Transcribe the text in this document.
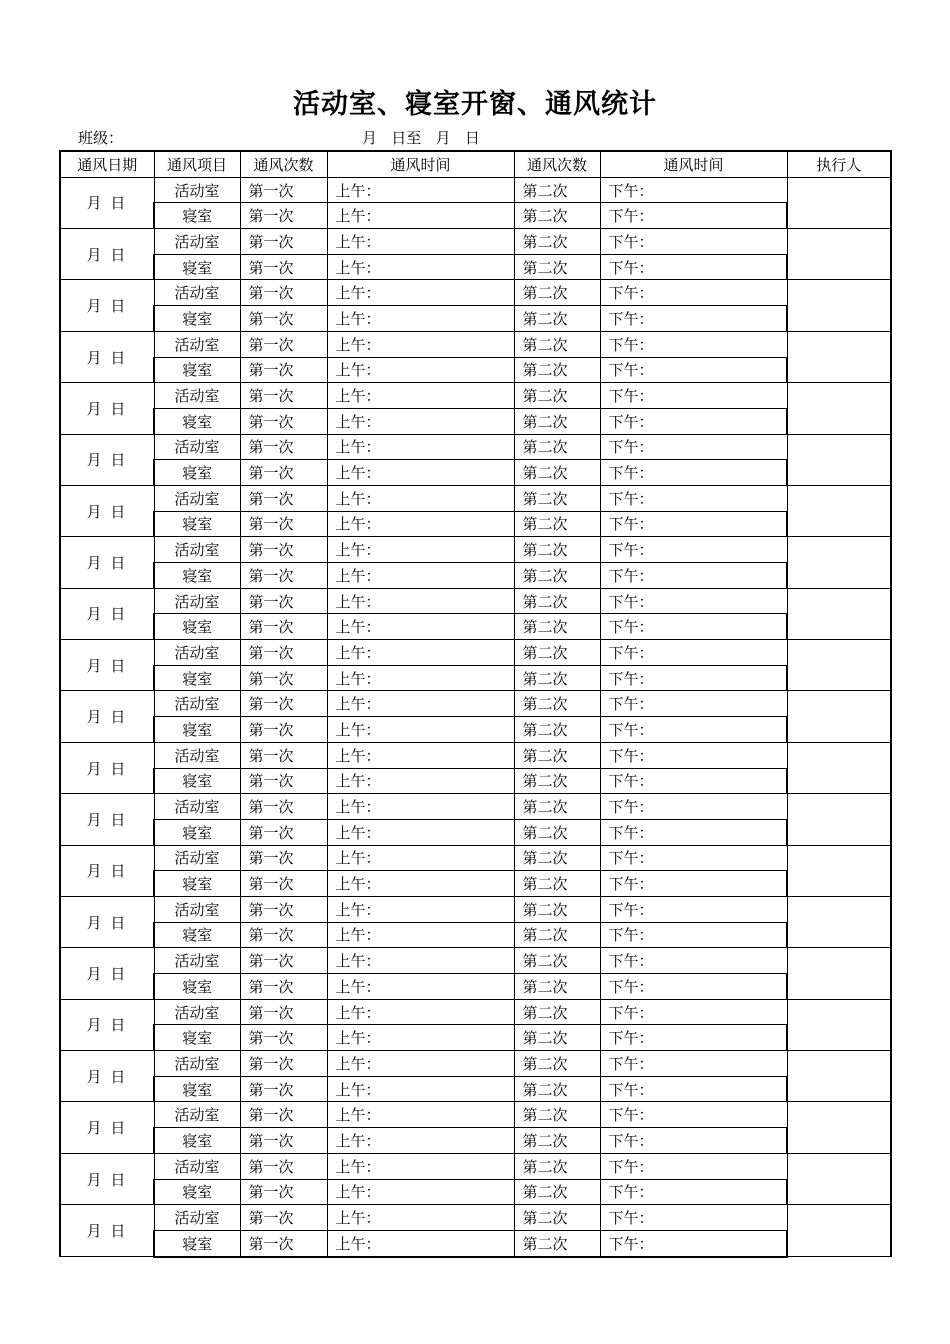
活动室、寝室开窗、通风统计
班级：	月   日至   月   日
通风日期	通风项目	通风次数	通风时间	通风次数	通风时间	执行人
月 日	活动室	第一次	上午：	第二次	下午：	
	寝室	第一次	上午：	第二次	下午：	
月 日	活动室	第一次	上午：	第二次	下午：	
	寝室	第一次	上午：	第二次	下午：	
月 日	活动室	第一次	上午：	第二次	下午：	
	寝室	第一次	上午：	第二次	下午：	
月 日	活动室	第一次	上午：	第二次	下午：	
	寝室	第一次	上午：	第二次	下午：	
月 日	活动室	第一次	上午：	第二次	下午：	
	寝室	第一次	上午：	第二次	下午：	
月 日	活动室	第一次	上午：	第二次	下午：	
	寝室	第一次	上午：	第二次	下午：	
月 日	活动室	第一次	上午：	第二次	下午：	
	寝室	第一次	上午：	第二次	下午：	
月 日	活动室	第一次	上午：	第二次	下午：	
	寝室	第一次	上午：	第二次	下午：	
月 日	活动室	第一次	上午：	第二次	下午：	
	寝室	第一次	上午：	第二次	下午：	
月 日	活动室	第一次	上午：	第二次	下午：	
	寝室	第一次	上午：	第二次	下午：	
月 日	活动室	第一次	上午：	第二次	下午：	
	寝室	第一次	上午：	第二次	下午：	
月 日	活动室	第一次	上午：	第二次	下午：	
	寝室	第一次	上午：	第二次	下午：	
月 日	活动室	第一次	上午：	第二次	下午：	
	寝室	第一次	上午：	第二次	下午：	
月 日	活动室	第一次	上午：	第二次	下午：	
	寝室	第一次	上午：	第二次	下午：	
月 日	活动室	第一次	上午：	第二次	下午：	
	寝室	第一次	上午：	第二次	下午：	
月 日	活动室	第一次	上午：	第二次	下午：	
	寝室	第一次	上午：	第二次	下午：	
月 日	活动室	第一次	上午：	第二次	下午：	
	寝室	第一次	上午：	第二次	下午：	
月 日	活动室	第一次	上午：	第二次	下午：	
	寝室	第一次	上午：	第二次	下午：	
月 日	活动室	第一次	上午：	第二次	下午：	
	寝室	第一次	上午：	第二次	下午：	
月 日	活动室	第一次	上午：	第二次	下午：	
	寝室	第一次	上午：	第二次	下午：	
月 日	活动室	第一次	上午：	第二次	下午：	
	寝室	第一次	上午：	第二次	下午：	
